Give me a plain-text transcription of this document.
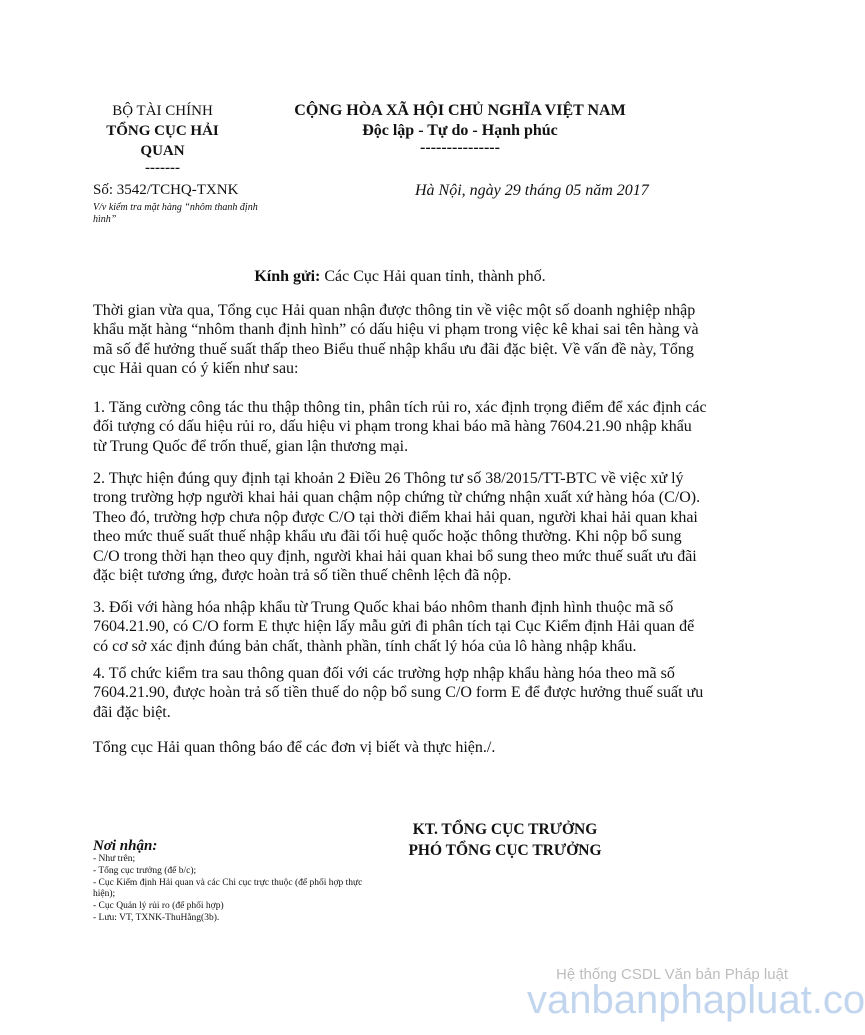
BỘ TÀI CHÍNH
TỔNG CỤC HẢI
QUAN
-------
CỘNG HÒA XÃ HỘI CHỦ NGHĨA VIỆT NAM
Độc lập - Tự do - Hạnh phúc
---------------
Số: 3542/TCHQ-TXNK
V/v kiểm tra mặt hàng “nhôm thanh định hình”
Hà Nội, ngày 29 tháng 05 năm 2017
Kính gửi: Các Cục Hải quan tỉnh, thành phố.
Thời gian vừa qua, Tổng cục Hải quan nhận được thông tin về việc một số doanh nghiệp nhập khẩu mặt hàng “nhôm thanh định hình” có dấu hiệu vi phạm trong việc kê khai sai tên hàng và mã số để hưởng thuế suất thấp theo Biểu thuế nhập khẩu ưu đãi đặc biệt. Về vấn đề này, Tổng cục Hải quan có ý kiến như sau:
1. Tăng cường công tác thu thập thông tin, phân tích rủi ro, xác định trọng điểm để xác định các đối tượng có dấu hiệu rủi ro, dấu hiệu vi phạm trong khai báo mã hàng 7604.21.90 nhập khẩu từ Trung Quốc để trốn thuế, gian lận thương mại.
2. Thực hiện đúng quy định tại khoản 2 Điều 26 Thông tư số 38/2015/TT-BTC về việc xử lý trong trường hợp người khai hải quan chậm nộp chứng từ chứng nhận xuất xứ hàng hóa (C/O). Theo đó, trường hợp chưa nộp được C/O tại thời điểm khai hải quan, người khai hải quan khai theo mức thuế suất thuế nhập khẩu ưu đãi tối huệ quốc hoặc thông thường. Khi nộp bổ sung C/O trong thời hạn theo quy định, người khai hải quan khai bổ sung theo mức thuế suất ưu đãi đặc biệt tương ứng, được hoàn trả số tiền thuế chênh lệch đã nộp.
3. Đối với hàng hóa nhập khẩu từ Trung Quốc khai báo nhôm thanh định hình thuộc mã số 7604.21.90, có C/O form E thực hiện lấy mẫu gửi đi phân tích tại Cục Kiểm định Hải quan để có cơ sở xác định đúng bản chất, thành phần, tính chất lý hóa của lô hàng nhập khẩu.
4. Tổ chức kiểm tra sau thông quan đối với các trường hợp nhập khẩu hàng hóa theo mã số 7604.21.90, được hoàn trả số tiền thuế do nộp bổ sung C/O form E để được hưởng thuế suất ưu đãi đặc biệt.
Tổng cục Hải quan thông báo để các đơn vị biết và thực hiện./.
KT. TỔNG CỤC TRƯỞNG
PHÓ TỔNG CỤC TRƯỞNG
Nơi nhận:
- Như trên;
- Tổng cục trưởng (để b/c);
- Cục Kiểm định Hải quan và các Chi cục trực thuộc (để phối hợp thực hiện);
- Cục Quản lý rủi ro (để phối hợp)
- Lưu: VT, TXNK-ThuHằng(3b).
Hệ thống CSDL Văn bản Pháp luật
vanbanphapluat.co
